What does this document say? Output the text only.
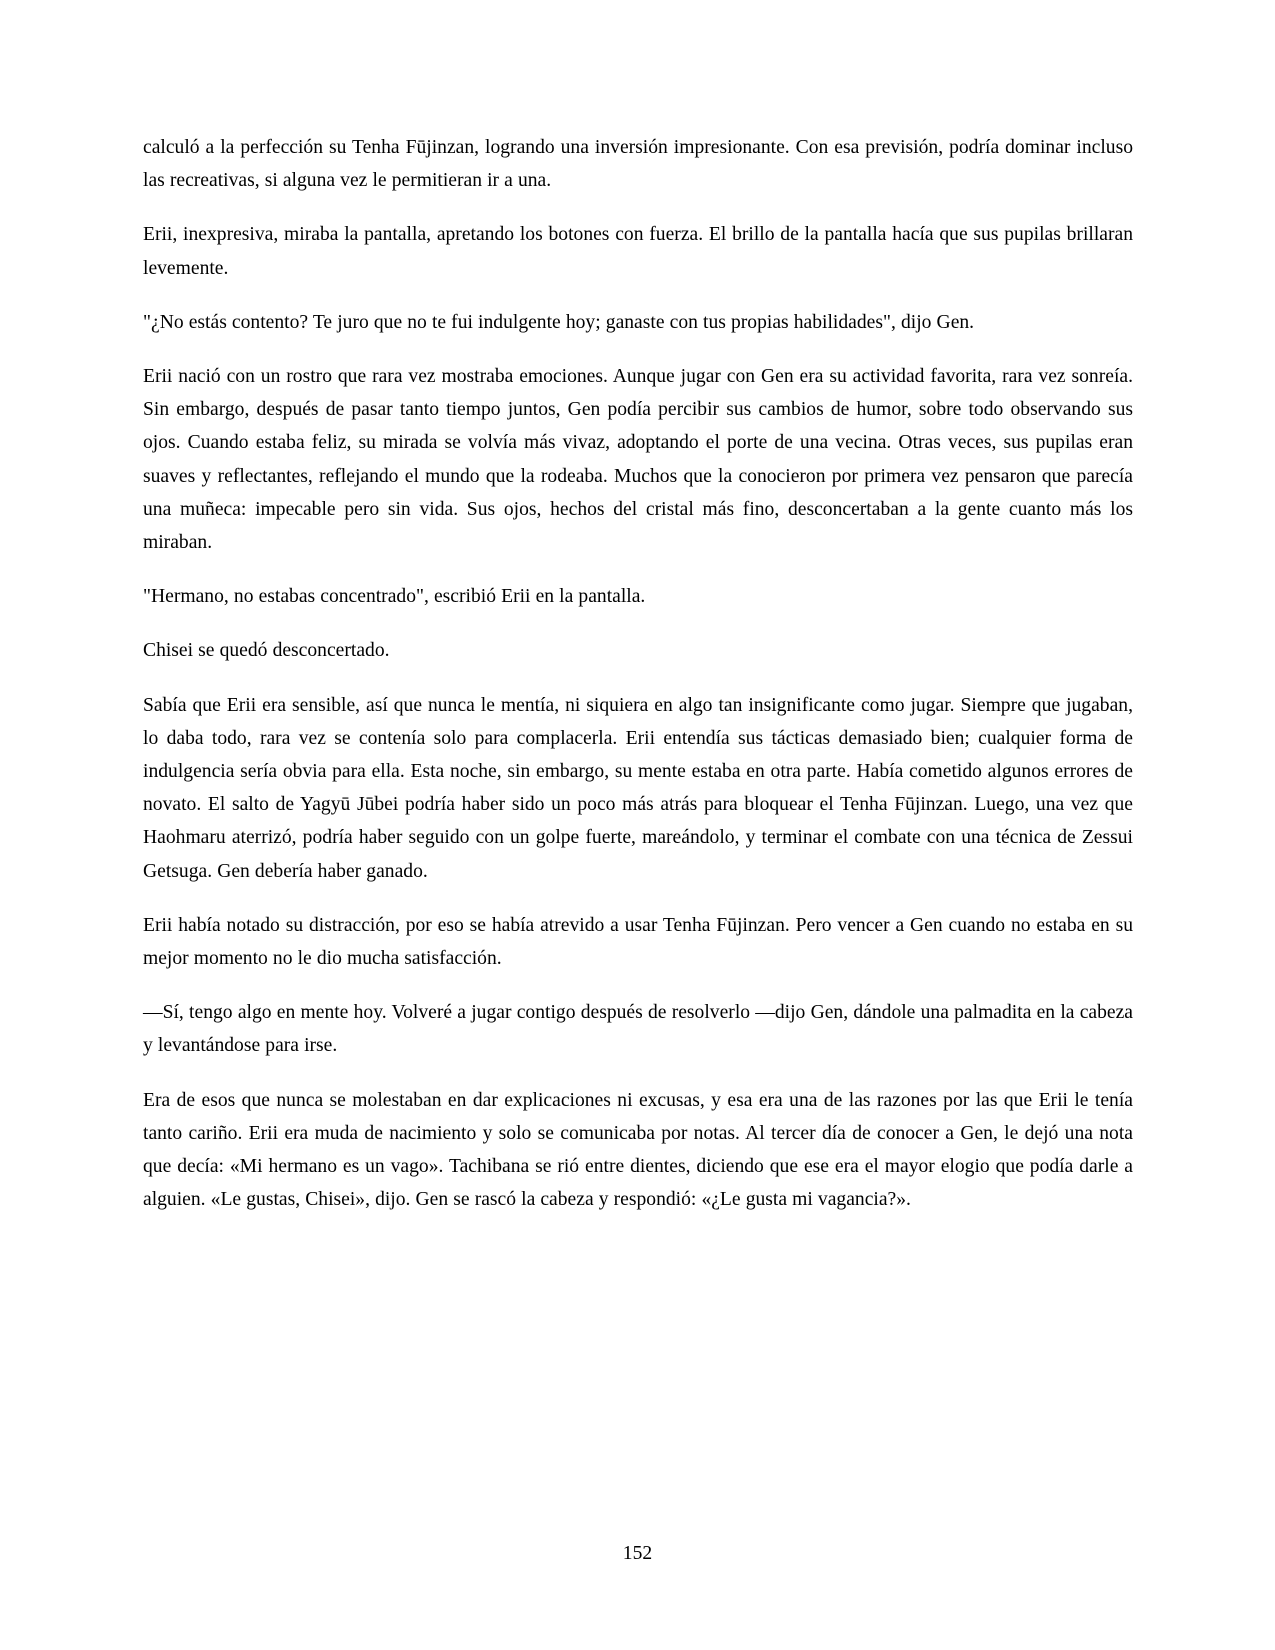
calculó a la perfección su Tenha Fūjinzan, logrando una inversión impresionante. Con esa previsión, podría dominar incluso las recreativas, si alguna vez le permitieran ir a una.

Erii, inexpresiva, miraba la pantalla, apretando los botones con fuerza. El brillo de la pantalla hacía que sus pupilas brillaran levemente.

"¿No estás contento? Te juro que no te fui indulgente hoy; ganaste con tus propias habilidades", dijo Gen.

Erii nació con un rostro que rara vez mostraba emociones. Aunque jugar con Gen era su actividad favorita, rara vez sonreía. Sin embargo, después de pasar tanto tiempo juntos, Gen podía percibir sus cambios de humor, sobre todo observando sus ojos. Cuando estaba feliz, su mirada se volvía más vivaz, adoptando el porte de una vecina. Otras veces, sus pupilas eran suaves y reflectantes, reflejando el mundo que la rodeaba. Muchos que la conocieron por primera vez pensaron que parecía una muñeca: impecable pero sin vida. Sus ojos, hechos del cristal más fino, desconcertaban a la gente cuanto más los miraban.

"Hermano, no estabas concentrado", escribió Erii en la pantalla.

Chisei se quedó desconcertado.

Sabía que Erii era sensible, así que nunca le mentía, ni siquiera en algo tan insignificante como jugar. Siempre que jugaban, lo daba todo, rara vez se contenía solo para complacerla. Erii entendía sus tácticas demasiado bien; cualquier forma de indulgencia sería obvia para ella. Esta noche, sin embargo, su mente estaba en otra parte. Había cometido algunos errores de novato. El salto de Yagyū Jūbei podría haber sido un poco más atrás para bloquear el Tenha Fūjinzan. Luego, una vez que Haohmaru aterrizó, podría haber seguido con un golpe fuerte, mareándolo, y terminar el combate con una técnica de Zessui Getsuga. Gen debería haber ganado.

Erii había notado su distracción, por eso se había atrevido a usar Tenha Fūjinzan. Pero vencer a Gen cuando no estaba en su mejor momento no le dio mucha satisfacción.

—Sí, tengo algo en mente hoy. Volveré a jugar contigo después de resolverlo —dijo Gen, dándole una palmadita en la cabeza y levantándose para irse.

Era de esos que nunca se molestaban en dar explicaciones ni excusas, y esa era una de las razones por las que Erii le tenía tanto cariño. Erii era muda de nacimiento y solo se comunicaba por notas. Al tercer día de conocer a Gen, le dejó una nota que decía: «Mi hermano es un vago». Tachibana se rió entre dientes, diciendo que ese era el mayor elogio que podía darle a alguien. «Le gustas, Chisei», dijo. Gen se rascó la cabeza y respondió: «¿Le gusta mi vagancia?».

152
